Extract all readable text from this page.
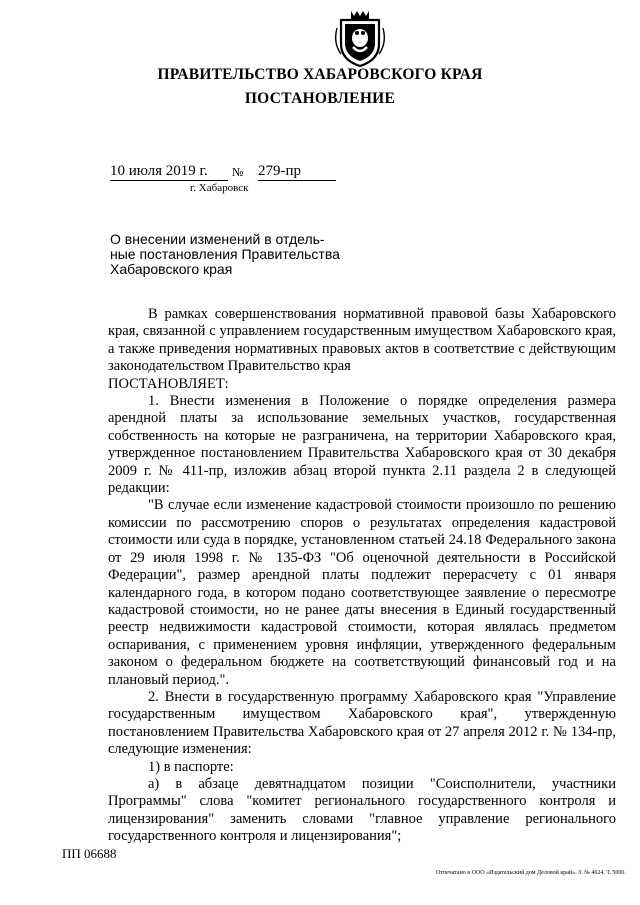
ПРАВИТЕЛЬСТВО ХАБАРОВСКОГО КРАЯ
ПОСТАНОВЛЕНИЕ
10 июля 2019 г.	№ 279-пр
г. Хабаровск
О внесении изменений в отдель-
ные постановления Правительства
Хабаровского края

В рамках совершенствования нормативной правовой базы Хабаровского края, связанной с управлением государственным имуществом Хабаровского края, а также приведения нормативных правовых актов в соответствие с действующим законодательством Правительство края

ПОСТАНОВЛЯЕТ:

1. Внести изменения в Положение о порядке определения размера арендной платы за использование земельных участков, государственная собственность на которые не разграничена, на территории Хабаровского края, утвержденное постановлением Правительства Хабаровского края от 30 декабря 2009 г. № 411-пр, изложив абзац второй пункта 2.11 раздела 2 в следующей редакции:

"В случае если изменение кадастровой стоимости произошло по решению комиссии по рассмотрению споров о результатах определения кадастровой стоимости или суда в порядке, установленном статьей 24.18 Федерального закона от 29 июля 1998 г. № 135-ФЗ "Об оценочной деятельности в Российской Федерации", размер арендной платы подлежит перерасчету с 01 января календарного года, в котором подано соответствующее заявление о пересмотре кадастровой стоимости, но не ранее даты внесения в Единый государственный реестр недвижимости кадастровой стоимости, которая являлась предметом оспаривания, с применением уровня инфляции, утвержденного федеральным законом о федеральном бюджете на соответствующий финансовый год и на плановый период.".

2. Внести в государственную программу Хабаровского края "Управление государственным имуществом Хабаровского края", утвержденную постановлением Правительства Хабаровского края от 27 апреля 2012 г. № 134-пр, следующие изменения:

1) в паспорте:

а) в абзаце девятнадцатом позиции "Соисполнители, участники Программы" слова "комитет регионального государственного контроля и лицензирования" заменить словами "главное управление регионального государственного контроля и лицензирования";

ПП 06688
Отпечатано в ООО «Издательский дом Деловой край». З. № 4624. Т. 5000.
